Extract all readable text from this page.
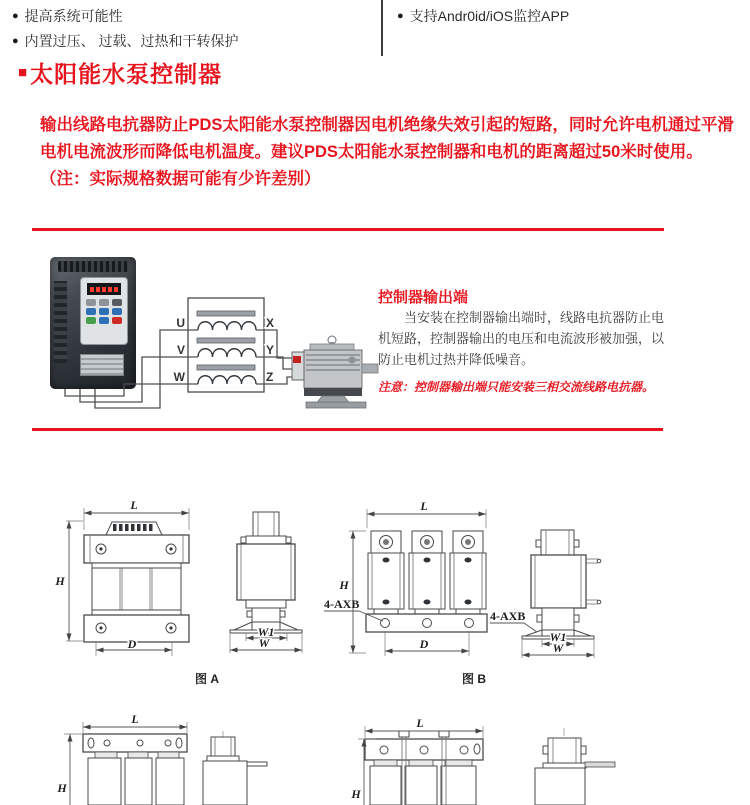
● 提高系统可能性
● 内置过压、 过载、过热和干转保护
● 支持Andr0id/iOS监控APP
■ 太阳能水泵控制器
输出线路电抗器防止PDS太阳能水泵控制器因电机绝缘失效引起的短路，同时允许电机通过平滑电机电流波形而降低电机温度。建议PDS太阳能水泵控制器和电机的距离超过50米时使用。（注：实际规格数据可能有少许差别）
U
V
W
X
Y
Z
控制器输出端
当安装在控制器输出端时，线路电抗器防止电机短路，控制器输出的电压和电流波形被加强，以防止电机过热并降低噪音。
注意：控制器输出端只能安装三相交流线路电抗器。
L
H
D
W1
W
图 A
L
H
D
4-AXB
4-AXB
W1
W
图 B
L
H
L
H
